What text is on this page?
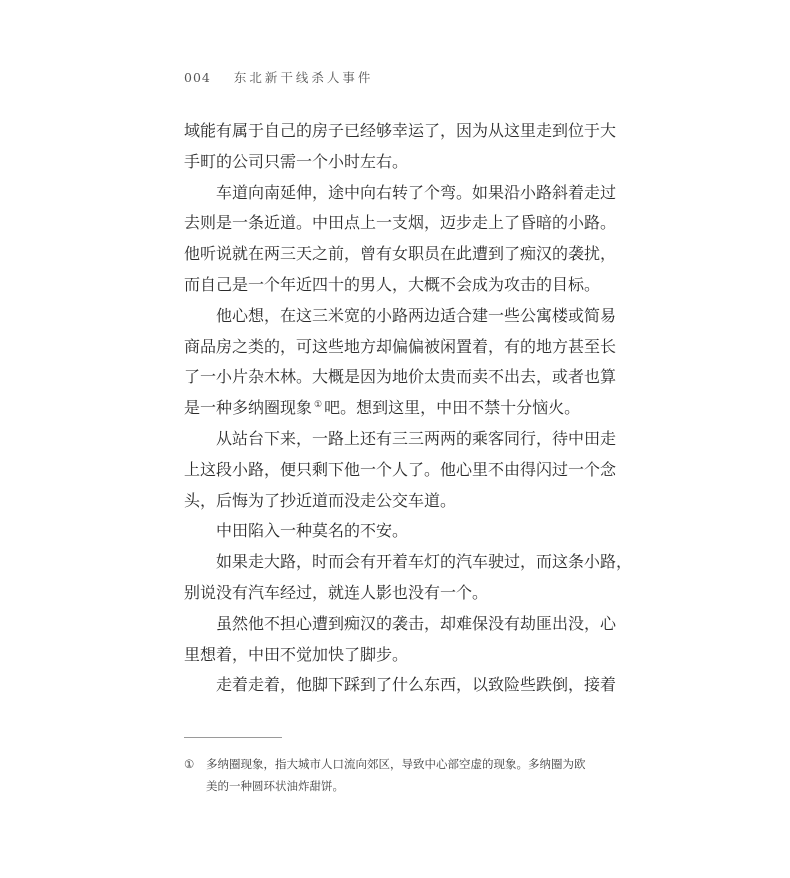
004 东北新干线杀人事件
域能有属于自己的房子已经够幸运了，因为从这里走到位于大
手町的公司只需一个小时左右。
车道向南延伸，途中向右转了个弯。如果沿小路斜着走过
去则是一条近道。中田点上一支烟，迈步走上了昏暗的小路。
他听说就在两三天之前，曾有女职员在此遭到了痴汉的袭扰，
而自己是一个年近四十的男人，大概不会成为攻击的目标。
他心想，在这三米宽的小路两边适合建一些公寓楼或简易
商品房之类的，可这些地方却偏偏被闲置着，有的地方甚至长
了一小片杂木林。大概是因为地价太贵而卖不出去，或者也算
是一种多纳圈现象 ① 吧。想到这里，中田不禁十分恼火。
从站台下来，一路上还有三三两两的乘客同行，待中田走
上这段小路，便只剩下他一个人了。他心里不由得闪过一个念
头，后悔为了抄近道而没走公交车道。
中田陷入一种莫名的不安。
如果走大路，时而会有开着车灯的汽车驶过，而这条小路，
别说没有汽车经过，就连人影也没有一个。
虽然他不担心遭到痴汉的袭击，却难保没有劫匪出没，心
里想着，中田不觉加快了脚步。
走着走着，他脚下踩到了什么东西，以致险些跌倒，接着
① 多纳圈现象，指大城市人口流向郊区，导致中心部空虚的现象。多纳圈为欧
美的一种圆环状油炸甜饼。
